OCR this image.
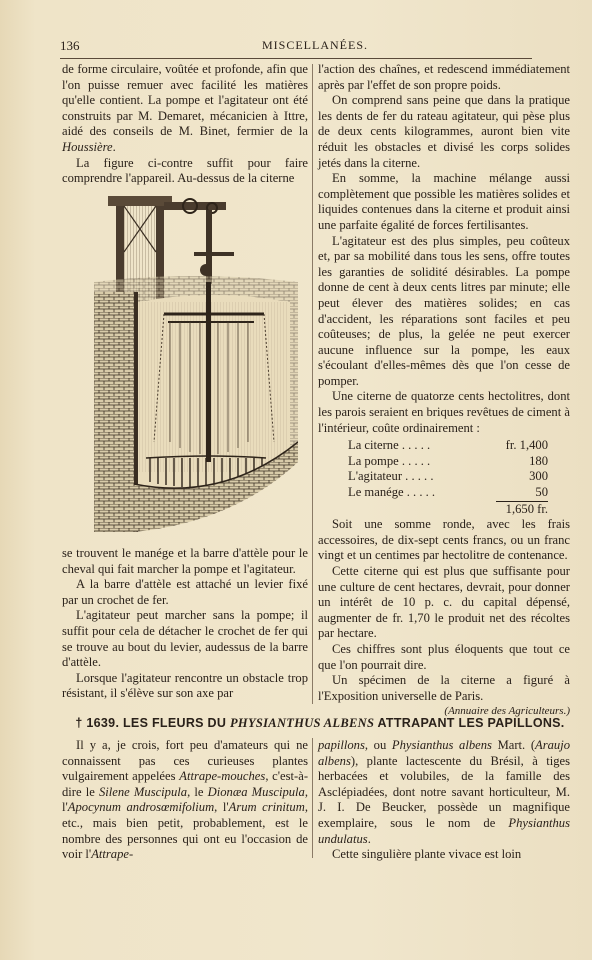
136	MISCELLANÉES.

de forme circulaire, voûtée et profonde, afin que l'on puisse remuer avec facilité les matières qu'elle contient. La pompe et l'agitateur ont été construits par M. Demaret, mécanicien à Ittre, aidé des conseils de M. Binet, fermier de la Houssière.

La figure ci-contre suffit pour faire comprendre l'appareil. Au-dessus de la citerne

se trouvent le manége et la barre d'attèle pour le cheval qui fait marcher la pompe et l'agitateur.

A la barre d'attèle est attaché un levier fixé par un crochet de fer.

L'agitateur peut marcher sans la pompe; il suffit pour cela de détacher le crochet de fer qui se trouve au bout du levier, audessus de la barre d'attèle.

Lorsque l'agitateur rencontre un obstacle trop résistant, il s'élève sur son axe par

l'action des chaînes, et redescend immédiatement après par l'effet de son propre poids.

On comprend sans peine que dans la pratique les dents de fer du rateau agitateur, qui pèse plus de deux cents kilogrammes, auront bien vite réduit les obstacles et divisé les corps solides jetés dans la citerne.

En somme, la machine mélange aussi complètement que possible les matières solides et liquides contenues dans la citerne et produit ainsi une parfaite égalité de forces fertilisantes.

L'agitateur est des plus simples, peu coûteux et, par sa mobilité dans tous les sens, offre toutes les garanties de solidité désirables. La pompe donne de cent à deux cents litres par minute; elle peut élever des matières solides; en cas d'accident, les réparations sont faciles et peu coûteuses; de plus, la gelée ne peut exercer aucune influence sur la pompe, les eaux s'écoulant d'elles-mêmes dès que l'on cesse de pomper.

Une citerne de quatorze cents hectolitres, dont les parois seraient en briques revêtues de ciment à l'intérieur, coûte ordinairement :

La citerne . . . . .	fr. 1,400
La pompe . . . . .	180
L'agitateur . . . . .	300
Le manége . . . . .	50
1,650 fr.

Soit une somme ronde, avec les frais accessoires, de dix-sept cents francs, ou un franc vingt et un centimes par hectolitre de contenance.

Cette citerne qui est plus que suffisante pour une culture de cent hectares, devrait, pour donner un intérêt de 10 p. c. du capital dépensé, augmenter de fr. 1,70 le produit net des récoltes par hectare.

Ces chiffres sont plus éloquents que tout ce que l'on pourrait dire.

Un spécimen de la citerne a figuré à l'Exposition universelle de Paris.

(Annuaire des Agriculteurs.)
† 1639. LES FLEURS DU PHYSIANTHUS ALBENS ATTRAPANT LES PAPILLONS.

Il y a, je crois, fort peu d'amateurs qui ne connaissent pas ces curieuses plantes vulgairement appelées Attrape-mouches, c'est-à-dire le Silene Muscipula, le Dionæa Muscipula, l'Apocynum androsœmifolium, l'Arum crinitum, etc., mais bien petit, probablement, est le nombre des personnes qui ont eu l'occasion de voir l'Attrape-

papillons, ou Physianthus albens Mart. (Araujo albens), plante lactescente du Brésil, à tiges herbacées et volubiles, de la famille des Asclépiadées, dont notre savant horticulteur, M. J. I. De Beucker, possède un magnifique exemplaire, sous le nom de Physianthus undulatus.

Cette singulière plante vivace est loin
